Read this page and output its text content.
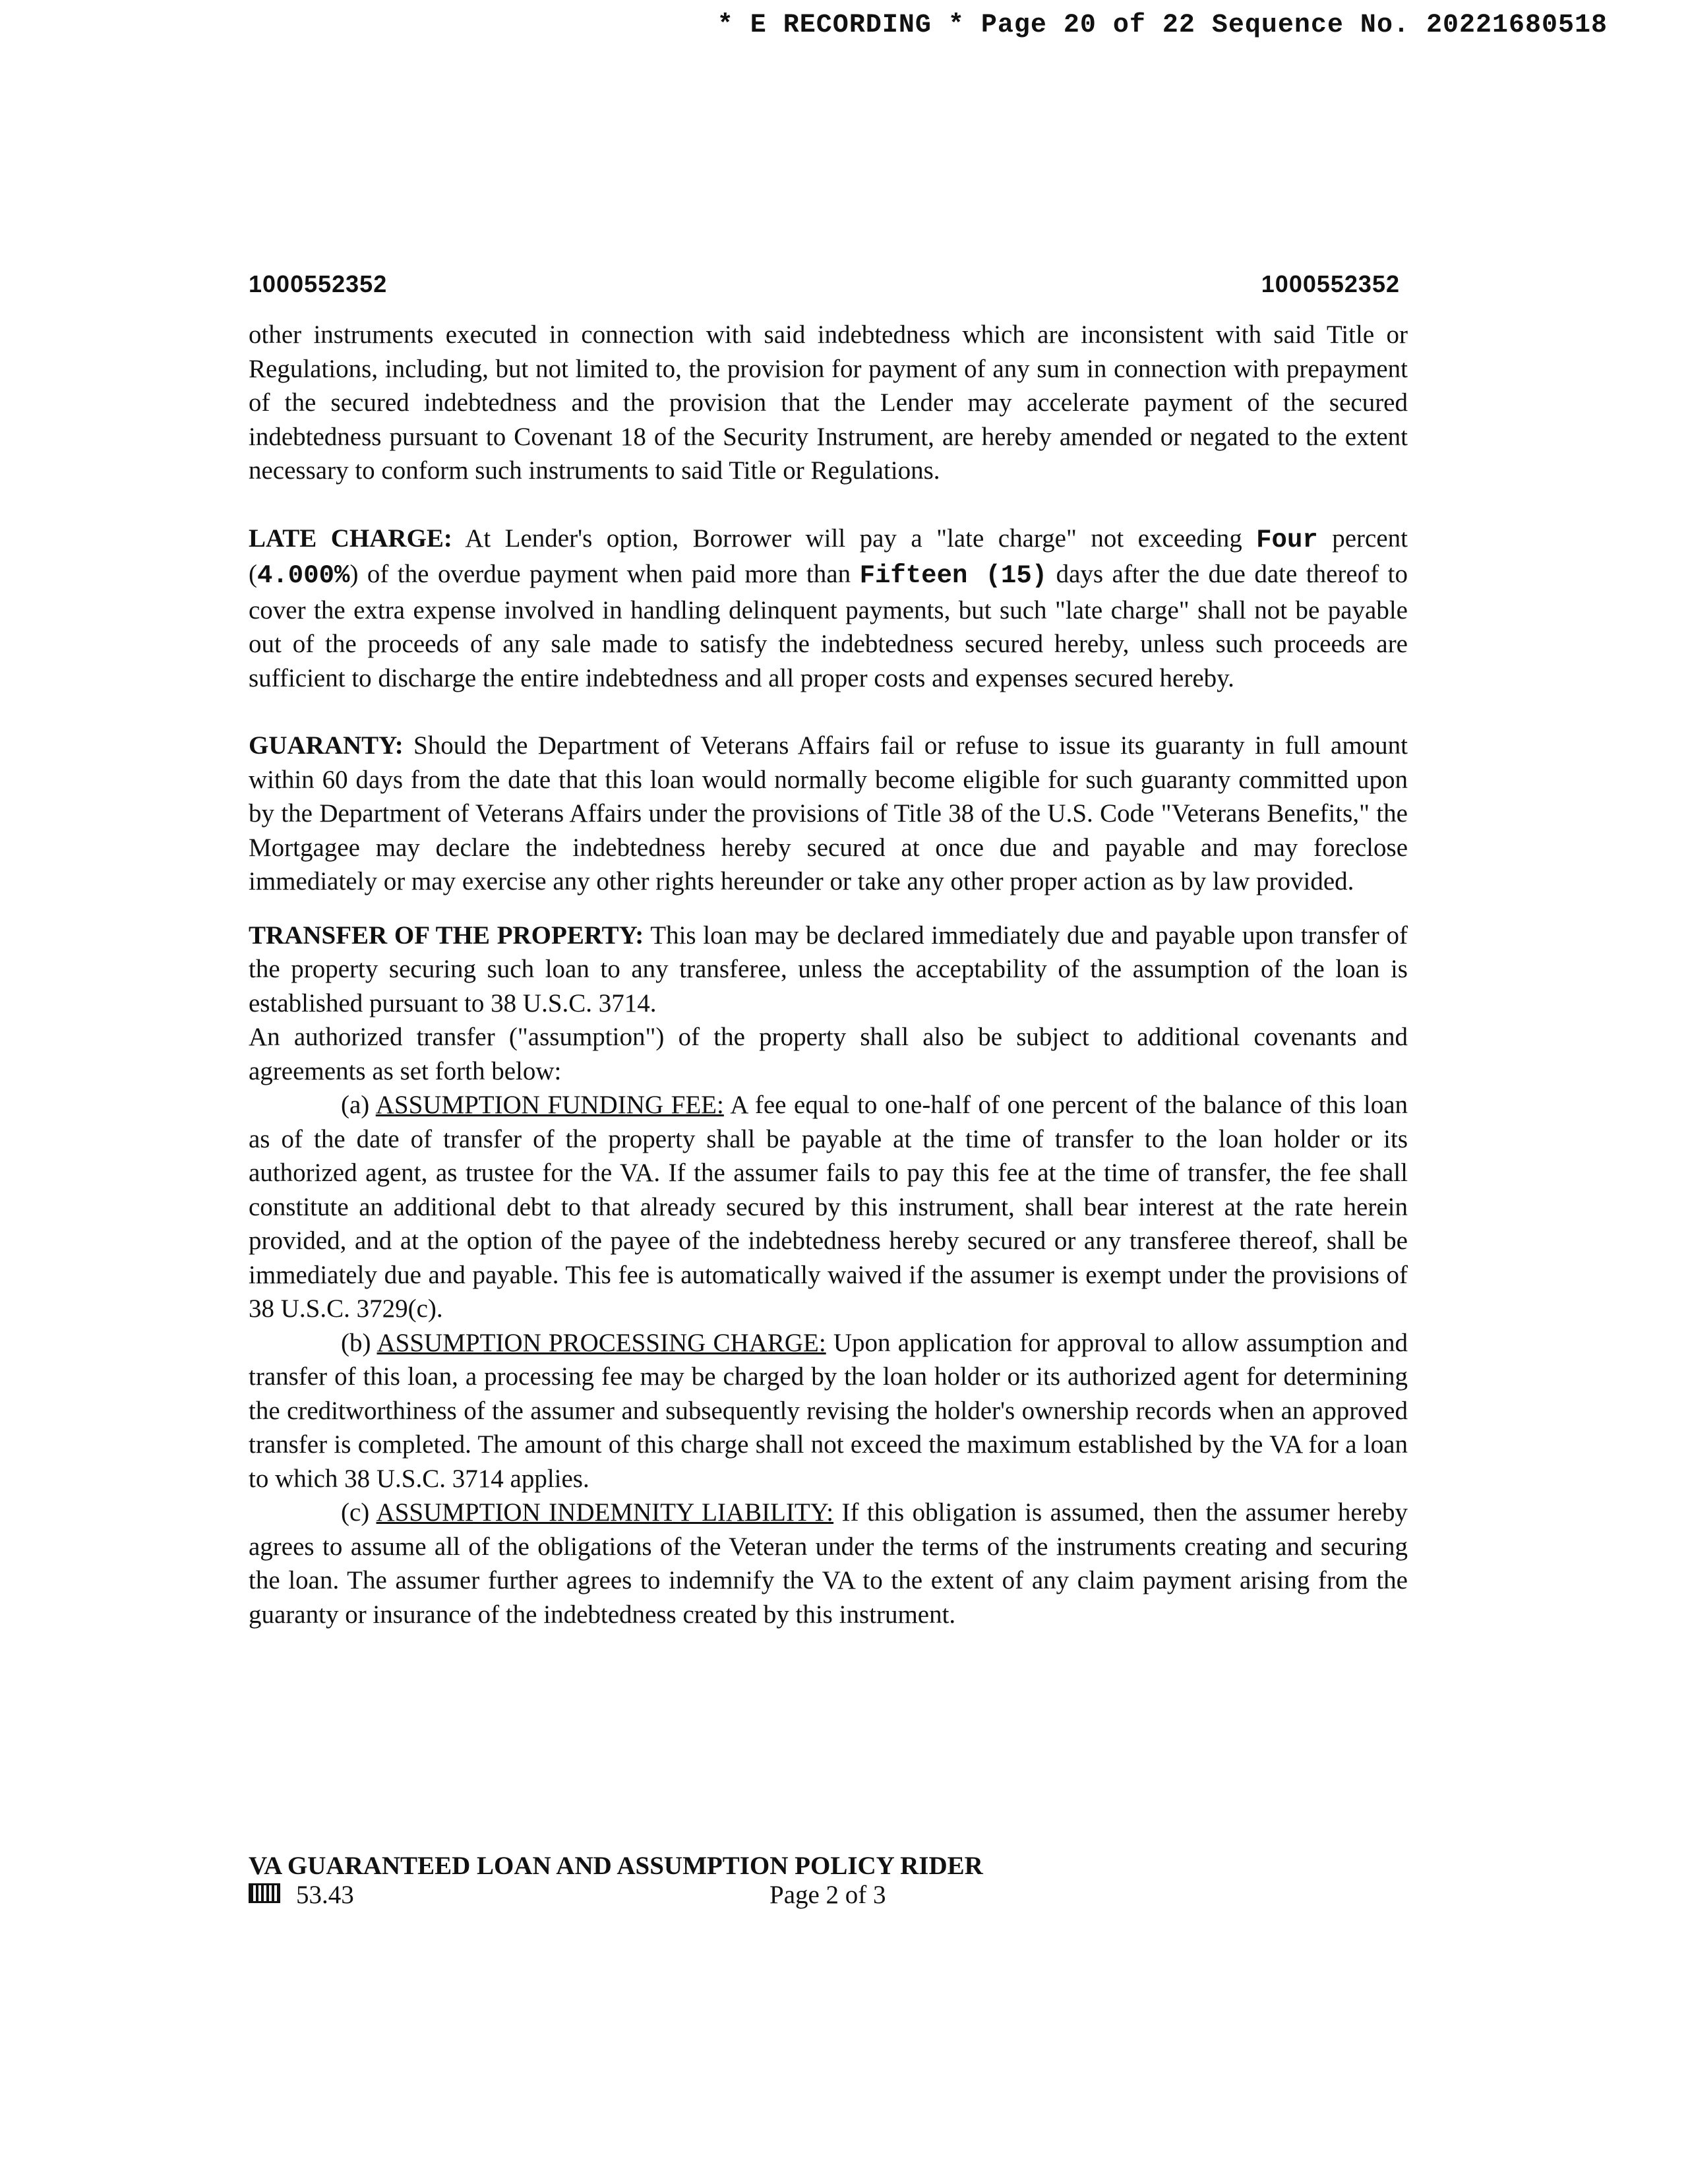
* E RECORDING * Page 20 of 22 Sequence No. 20221680518
1000552352	1000552352

other instruments executed in connection with said indebtedness which are inconsistent with said Title or Regulations, including, but not limited to, the provision for payment of any sum in connection with prepayment of the secured indebtedness and the provision that the Lender may accelerate payment of the secured indebtedness pursuant to Covenant 18 of the Security Instrument, are hereby amended or negated to the extent necessary to conform such instruments to said Title or Regulations.

LATE CHARGE: At Lender's option, Borrower will pay a "late charge" not exceeding Four percent (4.000%) of the overdue payment when paid more than Fifteen (15) days after the due date thereof to cover the extra expense involved in handling delinquent payments, but such "late charge" shall not be payable out of the proceeds of any sale made to satisfy the indebtedness secured hereby, unless such proceeds are sufficient to discharge the entire indebtedness and all proper costs and expenses secured hereby.

GUARANTY: Should the Department of Veterans Affairs fail or refuse to issue its guaranty in full amount within 60 days from the date that this loan would normally become eligible for such guaranty committed upon by the Department of Veterans Affairs under the provisions of Title 38 of the U.S. Code "Veterans Benefits," the Mortgagee may declare the indebtedness hereby secured at once due and payable and may foreclose immediately or may exercise any other rights hereunder or take any other proper action as by law provided.

TRANSFER OF THE PROPERTY: This loan may be declared immediately due and payable upon transfer of the property securing such loan to any transferee, unless the acceptability of the assumption of the loan is established pursuant to 38 U.S.C. 3714.

An authorized transfer ("assumption") of the property shall also be subject to additional covenants and agreements as set forth below:

(a) ASSUMPTION FUNDING FEE: A fee equal to one-half of one percent of the balance of this loan as of the date of transfer of the property shall be payable at the time of transfer to the loan holder or its authorized agent, as trustee for the VA. If the assumer fails to pay this fee at the time of transfer, the fee shall constitute an additional debt to that already secured by this instrument, shall bear interest at the rate herein provided, and at the option of the payee of the indebtedness hereby secured or any transferee thereof, shall be immediately due and payable. This fee is automatically waived if the assumer is exempt under the provisions of 38 U.S.C. 3729(c).

(b) ASSUMPTION PROCESSING CHARGE: Upon application for approval to allow assumption and transfer of this loan, a processing fee may be charged by the loan holder or its authorized agent for determining the creditworthiness of the assumer and subsequently revising the holder's ownership records when an approved transfer is completed. The amount of this charge shall not exceed the maximum established by the VA for a loan to which 38 U.S.C. 3714 applies.

(c) ASSUMPTION INDEMNITY LIABILITY: If this obligation is assumed, then the assumer hereby agrees to assume all of the obligations of the Veteran under the terms of the instruments creating and securing the loan. The assumer further agrees to indemnify the VA to the extent of any claim payment arising from the guaranty or insurance of the indebtedness created by this instrument.

VA GUARANTEED LOAN AND ASSUMPTION POLICY RIDER
53.43	Page 2 of 3
